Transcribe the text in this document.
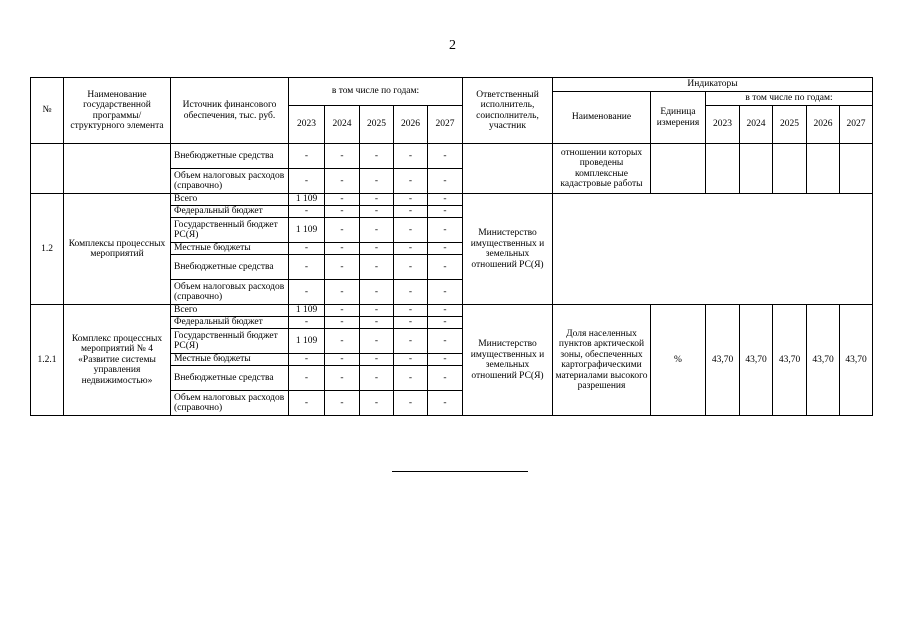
2
№	Наименование государственной программы/ структурного элемента	Источник финансового обеспечения, тыс. руб.	в том числе по годам:					Ответственный исполнитель, соисполнитель, участник	Индикаторы						
									Наименование	Единица измерения	в том числе по годам:				
			2023	2024	2025	2026	2027				2023	2024	2025	2026	2027
		Внебюджетные средства	-	-	-	-	-		отношении которых проведены комплексные кадастровые работы						
		Объем налоговых расходов (справочно)	-	-	-	-	-								
1.2	Комплексы процессных мероприятий	Всего	1 109	-	-	-	-	Министерство имущественных и земельных отношений РС(Я)							
		Федеральный бюджет	-	-	-	-	-								
		Государственный бюджет РС(Я)	1 109	-	-	-	-								
		Местные бюджеты	-	-	-	-	-								
		Внебюджетные средства	-	-	-	-	-								
		Объем налоговых расходов (справочно)	-	-	-	-	-								
1.2.1	Комплекс процессных мероприятий № 4 «Развитие системы управления недвижимостью»	Всего	1 109	-	-	-	-	Министерство имущественных и земельных отношений РС(Я)	Доля населенных пунктов арктической зоны, обеспеченных картографическими материалами высокого разрешения	%	43,70	43,70	43,70	43,70	43,70
		Федеральный бюджет	-	-	-	-	-								
		Государственный бюджет РС(Я)	1 109	-	-	-	-								
		Местные бюджеты	-	-	-	-	-								
		Внебюджетные средства	-	-	-	-	-								
		Объем налоговых расходов (справочно)	-	-	-	-	-								
